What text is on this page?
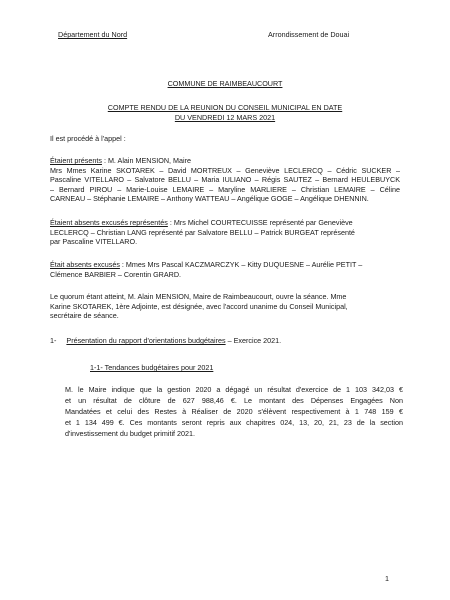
Département du Nord	Arrondissement de Douai
COMMUNE DE RAIMBEAUCOURT
COMPTE RENDU DE LA REUNION DU CONSEIL MUNICIPAL EN DATE
DU VENDREDI 12 MARS 2021
Il est procédé à l'appel :
Étaient présents : M. Alain MENSION, Maire
Mrs Mmes Karine SKOTAREK – David MORTREUX – Geneviève LECLERCQ – Cédric SUCKER –
Pascaline VITELLARO – Salvatore BELLU – Maria IULIANO – Régis SAUTEZ – Bernard HEULEBUYCK
– Bernard PIROU – Marie-Louise LEMAIRE – Maryline MARLIERE – Christian LEMAIRE – Céline
CARNEAU – Stéphanie LEMAIRE – Anthony WATTEAU – Angélique GOGE – Angélique DHENNIN.
Étaient absents excusés représentés : Mrs Michel COURTECUISSE représenté par Geneviève
LECLERCQ – Christian LANG représenté par Salvatore BELLU – Patrick BURGEAT représenté
par Pascaline VITELLARO.
Était absents excusés : Mmes Mrs Pascal KACZMARCZYK – Kitty DUQUESNE – Aurélie PETIT –
Clémence BARBIER – Corentin GRARD.
Le quorum étant atteint, M. Alain MENSION, Maire de Raimbeaucourt, ouvre la séance. Mme
Karine SKOTAREK, 1ère Adjointe, est désignée, avec l'accord unanime du Conseil Municipal,
secrétaire de séance.
1- Présentation du rapport d'orientations budgétaires – Exercice 2021.
1-1- Tendances budgétaires pour 2021
M. le Maire indique que la gestion 2020 a dégagé un résultat d'exercice de 1 103 342,03 €
et un résultat de clôture de 627 988,46 €. Le montant des Dépenses Engagées Non
Mandatées et celui des Restes à Réaliser de 2020 s'élèvent respectivement à 1 748 159 €
et 1 134 499 €. Ces montants seront repris aux chapitres 024, 13, 20, 21, 23 de la section
d'investissement du budget primitif 2021.
1
